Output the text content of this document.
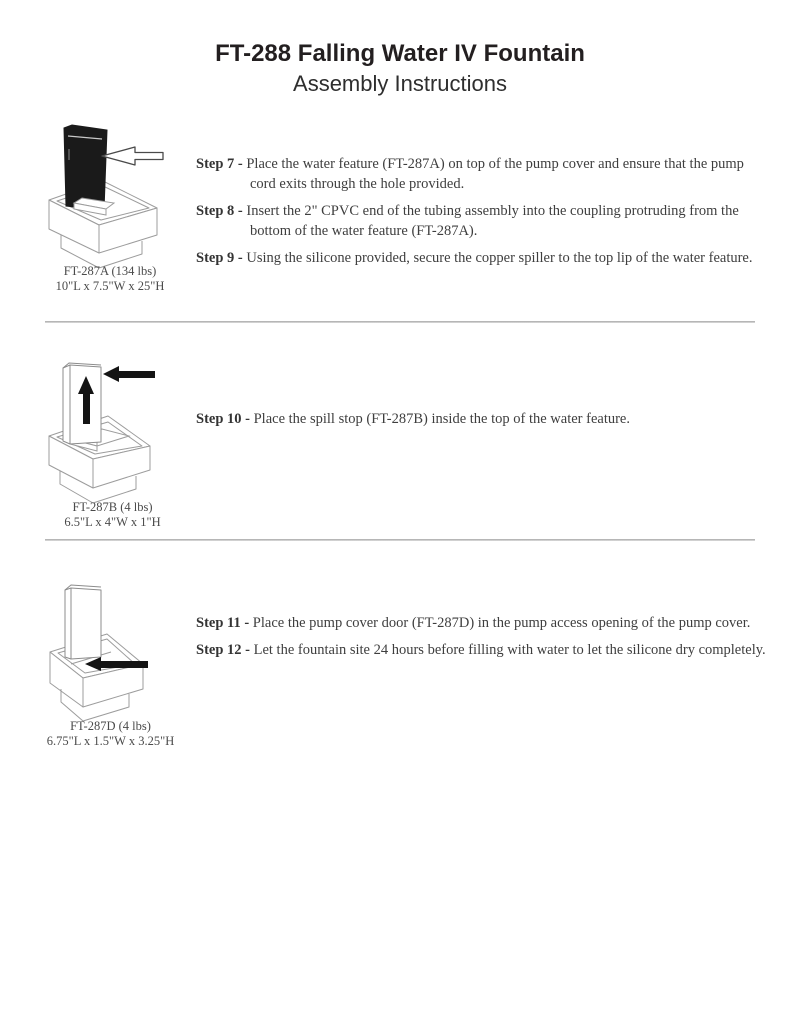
FT-288 Falling Water IV Fountain
Assembly Instructions
FT-287A (134 lbs)
10"L x 7.5"W x 25"H

Step 7 - Place the water feature (FT-287A) on top of the pump cover and ensure that the pump cord exits through the hole provided.

Step 8 - Insert the 2" CPVC end of the tubing assembly into the coupling protruding from the bottom of the water feature (FT-287A).

Step 9 - Using the silicone provided, secure the copper spiller to the top lip of the water feature.

FT-287B (4 lbs)
6.5"L x 4"W x 1"H

Step 10 - Place the spill stop (FT-287B) inside the top of the water feature.

FT-287D (4 lbs)
6.75"L x 1.5"W x 3.25"H

Step 11 - Place the pump cover door (FT-287D) in the pump access opening of the pump cover.

Step 12 - Let the fountain site 24 hours before filling with water to let the silicone dry completely.
